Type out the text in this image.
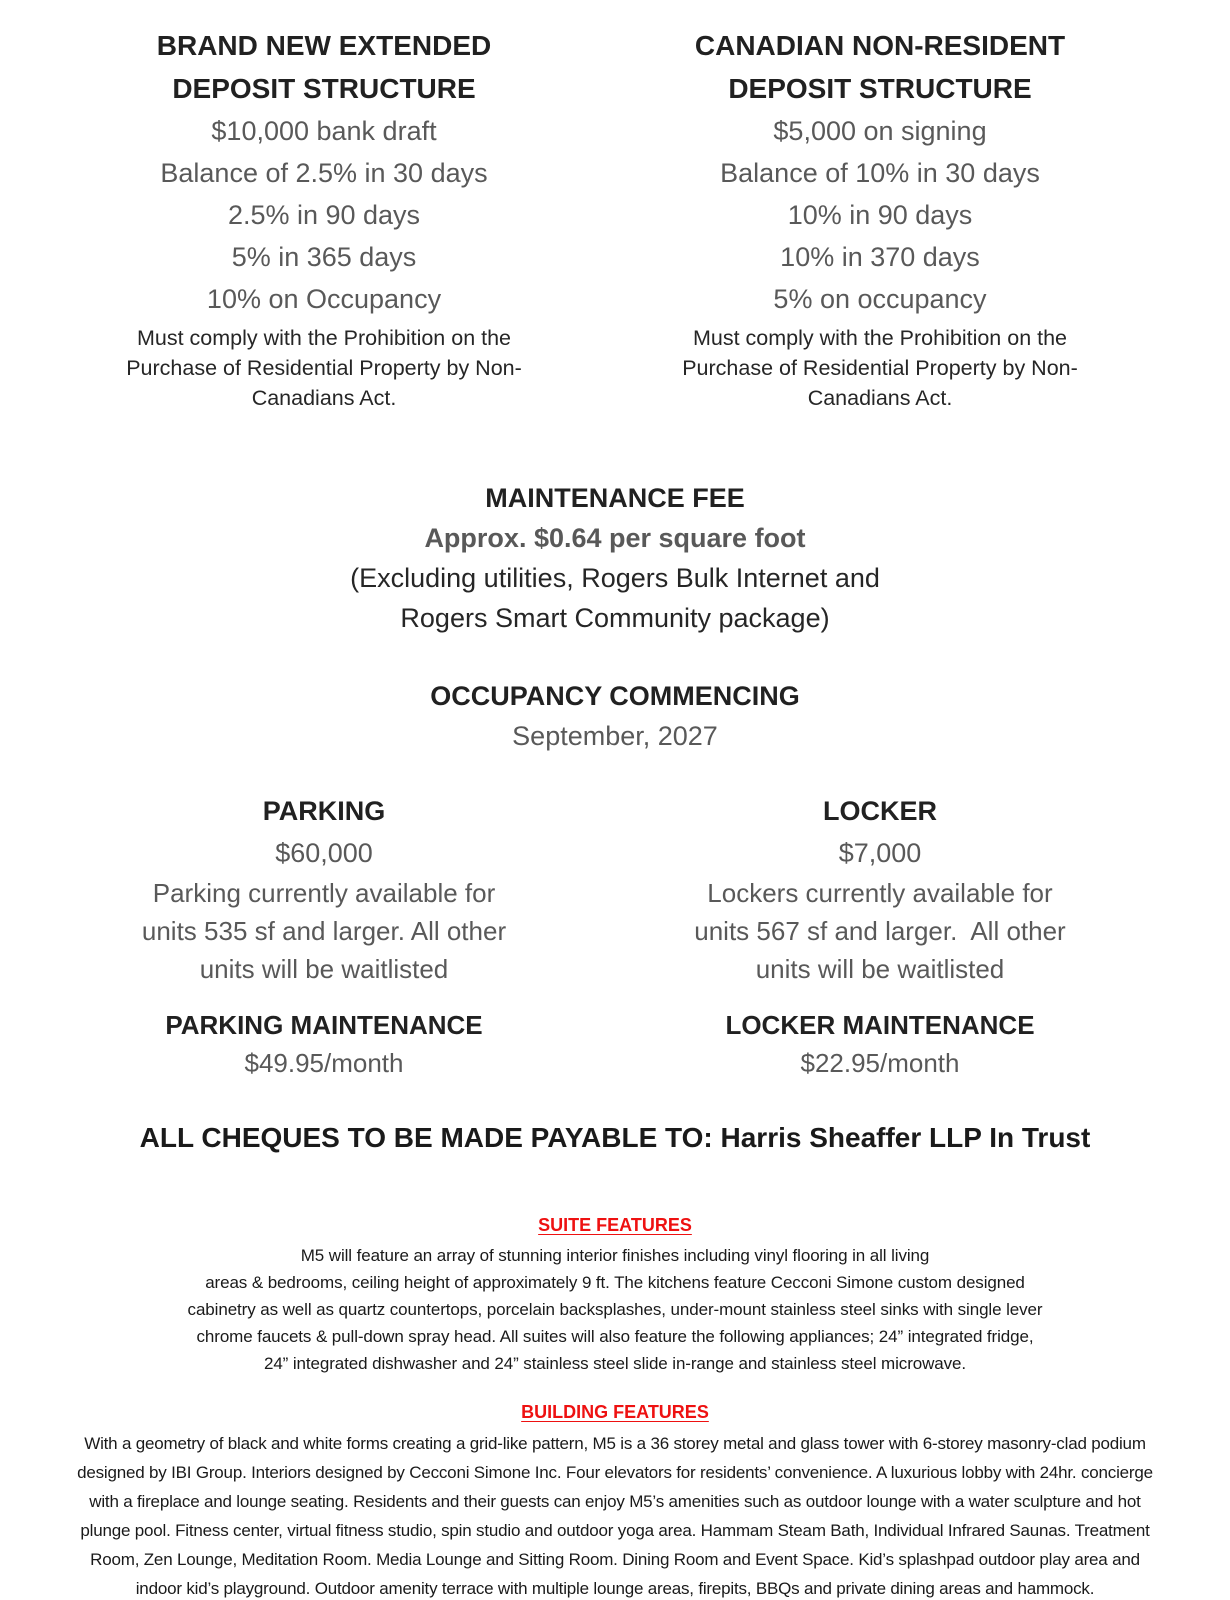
BRAND NEW EXTENDED
DEPOSIT STRUCTURE
$10,000 bank draft
Balance of 2.5% in 30 days
2.5% in 90 days
5% in 365 days
10% on Occupancy
Must comply with the Prohibition on the
Purchase of Residential Property by Non-
Canadians Act.
CANADIAN NON-RESIDENT
DEPOSIT STRUCTURE
$5,000 on signing
Balance of 10% in 30 days
10% in 90 days
10% in 370 days
5% on occupancy
Must comply with the Prohibition on the
Purchase of Residential Property by Non-
Canadians Act.
MAINTENANCE FEE
Approx. $0.64 per square foot
(Excluding utilities, Rogers Bulk Internet and
Rogers Smart Community package)
OCCUPANCY COMMENCING
September, 2027
PARKING
$60,000
Parking currently available for
units 535 sf and larger. All other
units will be waitlisted
PARKING MAINTENANCE
$49.95/month
LOCKER
$7,000
Lockers currently available for
units 567 sf and larger.  All other
units will be waitlisted
LOCKER MAINTENANCE
$22.95/month
ALL CHEQUES TO BE MADE PAYABLE TO: Harris Sheaffer LLP In Trust
SUITE FEATURES
M5 will feature an array of stunning interior finishes including vinyl flooring in all living
areas & bedrooms, ceiling height of approximately 9 ft. The kitchens feature Cecconi Simone custom designed
cabinetry as well as quartz countertops, porcelain backsplashes, under-mount stainless steel sinks with single lever
chrome faucets & pull-down spray head. All suites will also feature the following appliances; 24” integrated fridge,
24” integrated dishwasher and 24” stainless steel slide in-range and stainless steel microwave.
BUILDING FEATURES
With a geometry of black and white forms creating a grid-like pattern, M5 is a 36 storey metal and glass tower with 6-storey masonry-clad podium
designed by IBI Group. Interiors designed by Cecconi Simone Inc. Four elevators for residents’ convenience. A luxurious lobby with 24hr. concierge
with a fireplace and lounge seating. Residents and their guests can enjoy M5’s amenities such as outdoor lounge with a water sculpture and hot
plunge pool. Fitness center, virtual fitness studio, spin studio and outdoor yoga area. Hammam Steam Bath, Individual Infrared Saunas. Treatment
Room, Zen Lounge, Meditation Room. Media Lounge and Sitting Room. Dining Room and Event Space. Kid’s splashpad outdoor play area and
indoor kid’s playground. Outdoor amenity terrace with multiple lounge areas, firepits, BBQs and private dining areas and hammock.
